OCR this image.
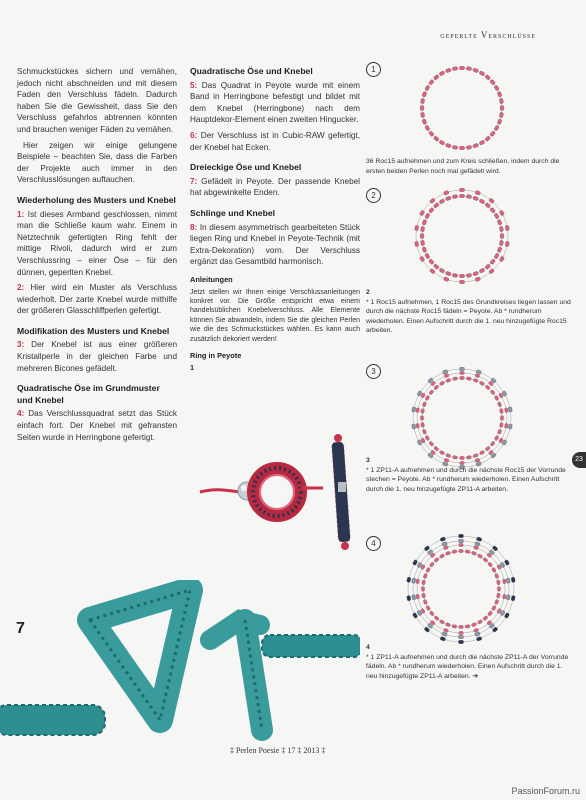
geperlte Verschlüsse

Schmuckstückes sichern und vernähen, jedoch nicht abschneiden und mit diesem Faden den Verschluss fädeln. Dadurch haben Sie die Gewissheit, dass Sie den Verschluss gefahrlos abtrennen könnten und brauchen weniger Fäden zu vernähen.

Hier zeigen wir einige gelungene Beispiele – beachten Sie, dass die Farben der Projekte auch immer in den Verschlusslösungen auftauchen.

Wiederholung des Musters und Knebel

1: Ist dieses Armband geschlossen, nimmt man die Schließe kaum wahr. Einem in Netztechnik gefertigten Ring fehlt der mittige Rivoli, dadurch wird er zum Verschlussring – einer Öse – für den dünnen, geperlten Knebel.

2: Hier wird ein Muster als Verschluss wiederholt. Der zarte Knebel wurde mithilfe der größeren Glasschliffperlen gefertigt.

Modifikation des Musters und Knebel

3: Der Knebel ist aus einer größeren Kristallperle in der gleichen Farbe und mehreren Bicones gefädelt.

Quadratische Öse im Grundmuster und Knebel

4: Das Verschlussquadrat setzt das Stück einfach fort. Der Knebel mit gefransten Seiten wurde in Herringbone gefertigt.

Quadratische Öse und Knebel

5: Das Quadrat in Peyote wurde mit einem Band in Herringbone befestigt und bildet mit dem Knebel (Herringbone) nach dem Hauptdekor-Element einen zweiten Hingucker.

6: Der Verschluss ist in Cubic-RAW gefertigt, der Knebel hat Ecken.

Dreieckige Öse und Knebel

7: Gefädelt in Peyote. Der passende Knebel hat abgewinkelte Enden.

Schlinge und Knebel

8: In diesem asymmetrisch gearbeiteten Stück liegen Ring und Knebel in Peyote-Technik (mit Extra-Dekoration) vorn. Der Verschluss ergänzt das Gesamtbild harmonisch.

Anleitungen

Jetzt stellen wir Ihnen einige Verschlussanleitungen konkret vor. Die Größe entspricht etwa einem handelsüblichen Knebelverschluss. Alle Elemente können Sie abwandeln, indem Sie die gleichen Perlen wie die des Schmuckstückes wählen. Es kann auch zusätzlich dekoriert werden!

Ring in Peyote
1
7
1
36 Roc15 aufnehmen und zum Kreis schließen, indem durch die ersten beiden Perlen noch mal gefädelt wird.
2
2
* 1 Roc15 aufnehmen, 1 Roc15 des Grundkreises liegen lassen und durch die nächste Roc15 fädeln = Peyote. Ab * rundherum wiederholen. Einen Aufschritt durch die 1. neu hinzugefügte Roc15 arbeiten.
3
3
* 1 ZP11-A aufnehmen und durch die nächste Roc15 der Vorrunde stechen = Peyote. Ab * rundherum wiederholen. Einen Aufschritt durch die 1. neu hinzugefügte ZP11-A arbeiten.
4
4
* 1 ZP11-A aufnehmen und durch die nächste ZP11-A der Vorrunde fädeln. Ab * rundherum wiederholen. Einen Aufschritt durch die 1. neu hinzugefügte ZP11-A arbeiten. ➔
23
‡ Perlen Poesie ‡ 17 ‡ 2013 ‡
PassionForum.ru
